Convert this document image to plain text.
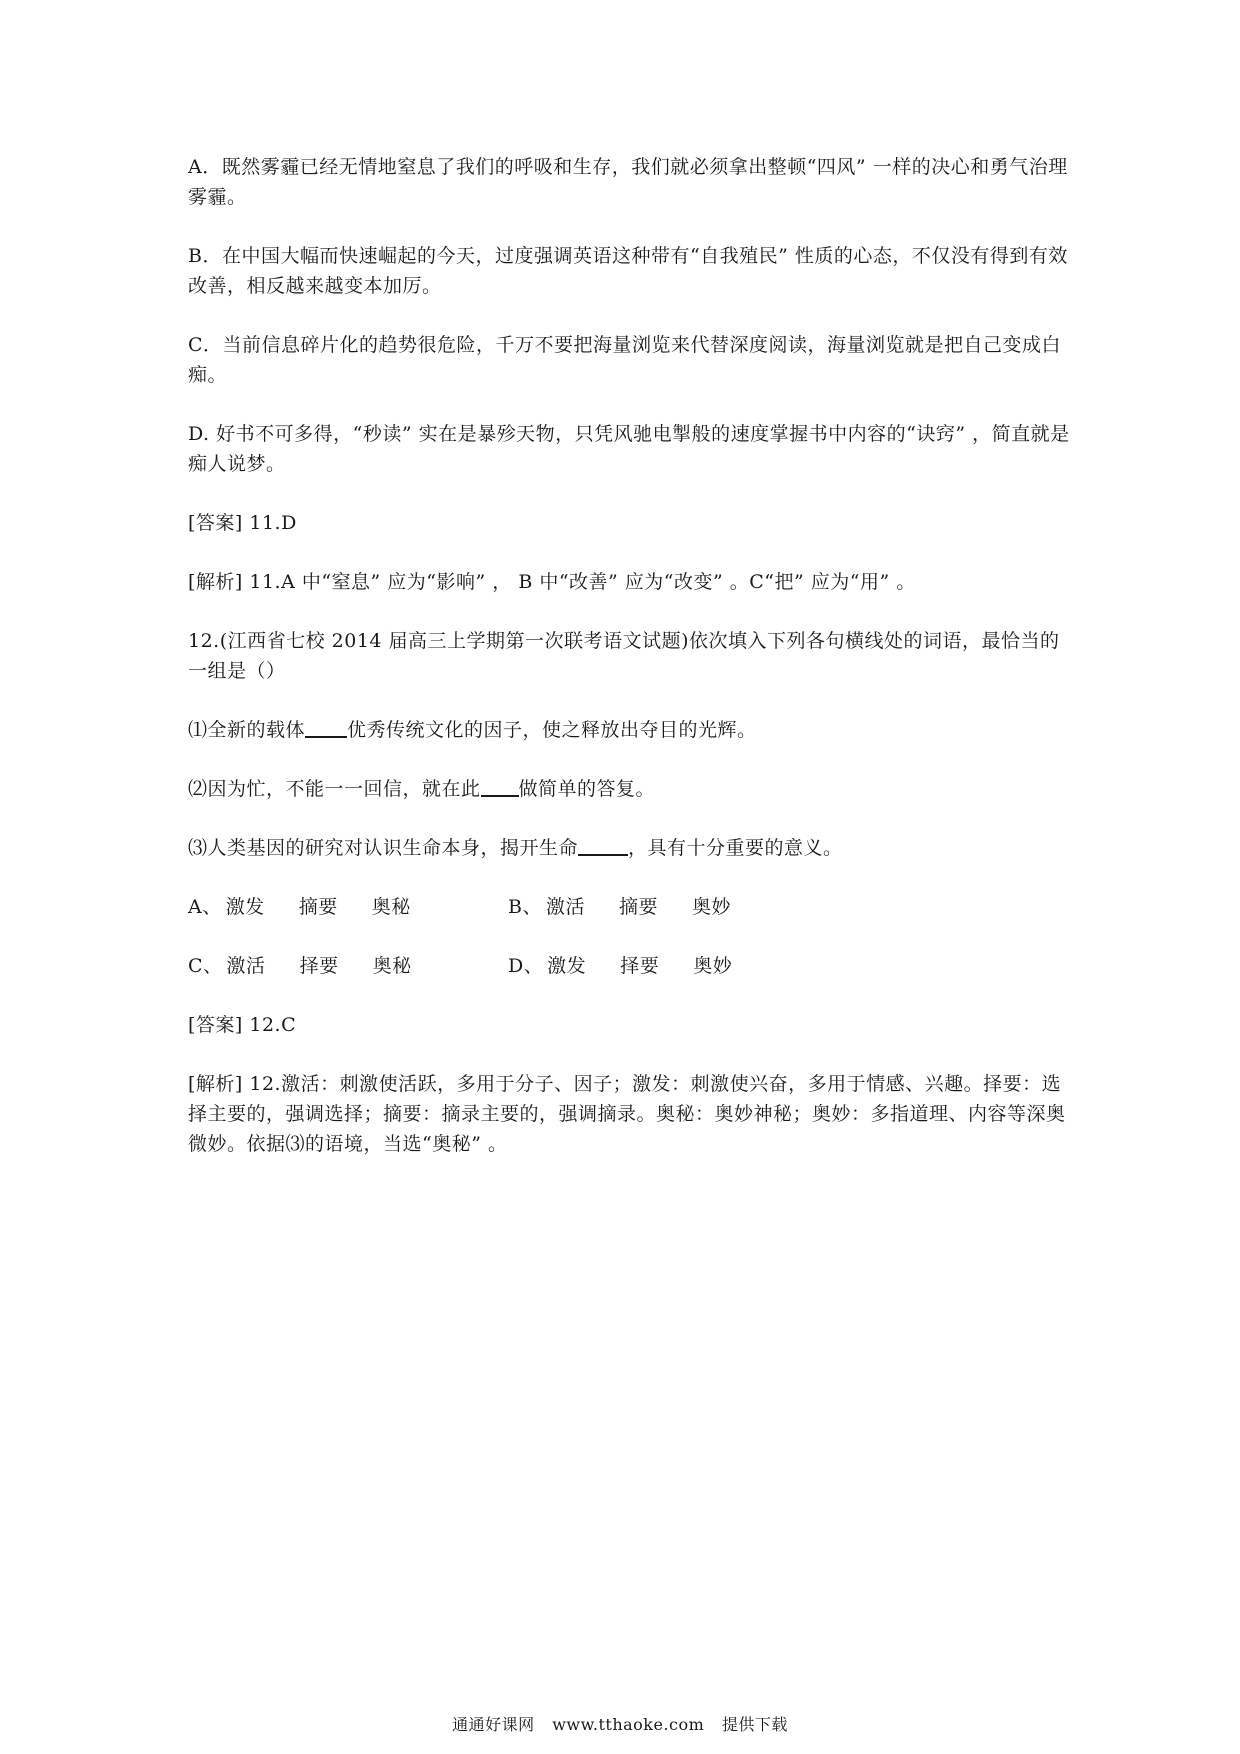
A．既然雾霾已经无情地窒息了我们的呼吸和生存，我们就必须拿出整顿“四风” 一样的决心和勇气治理雾霾。

B．在中国大幅而快速崛起的今天，过度强调英语这种带有“自我殖民” 性质的心态，不仅没有得到有效改善，相反越来越变本加厉。

C．当前信息碎片化的趋势很危险，千万不要把海量浏览来代替深度阅读，海量浏览就是把自己变成白痴。

D. 好书不可多得，“秒读” 实在是暴殄天物，只凭风驰电掣般的速度掌握书中内容的“诀窍” ，简直就是痴人说梦。

[答案] 11.D

[解析] 11.A 中“窒息” 应为“影响” ， B 中“改善” 应为“改变” 。C“把” 应为“用” 。

12.(江西省七校 2014 届高三上学期第一次联考语文试题)依次填入下列各句横线处的词语，最恰当的一组是（）

⑴全新的载体 优秀传统文化的因子，使之释放出夺目的光辉。

⑵因为忙，不能一一回信，就在此 做简单的答复。

⑶人类基因的研究对认识生命本身，揭开生命	，具有十分重要的意义。

A、 激发 摘要 奥秘	B、 激活 摘要 奥妙
C、 激活 择要 奥秘	D、 激发 择要 奥妙

[答案] 12.C

[解析] 12.激活：刺激使活跃，多用于分子、因子；激发：刺激使兴奋，多用于情感、兴趣。择要：选择主要的，强调选择；摘要：摘录主要的，强调摘录。奥秘：奥妙神秘；奥妙：多指道理、内容等深奥微妙。依据⑶的语境，当选“奥秘” 。

通通好课网 www.tthaoke.com 提供下载
